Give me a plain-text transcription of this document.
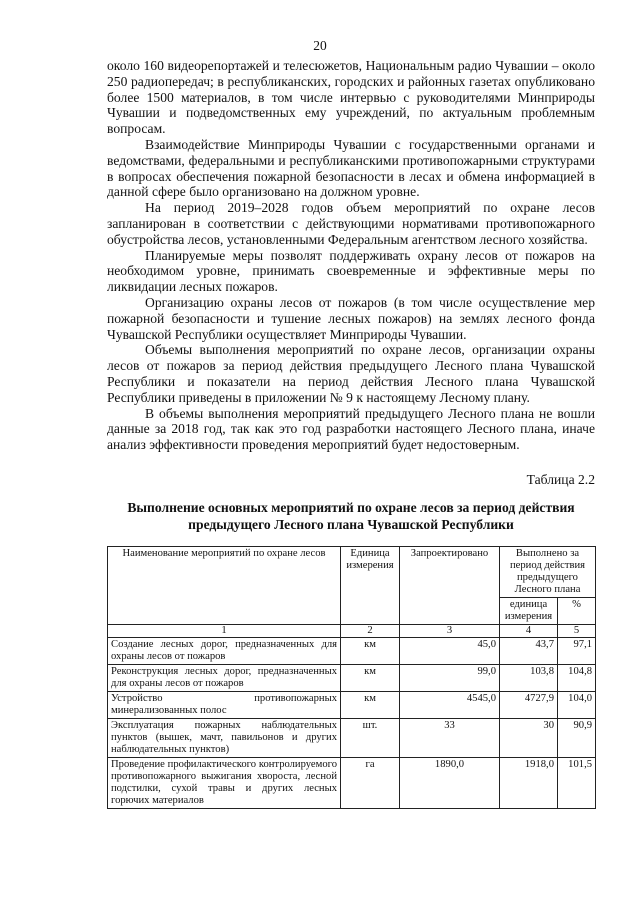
20

около 160 видеорепортажей и телесюжетов, Национальным радио Чувашии – около 250 радиопередач; в республиканских, городских и районных газетах опубликовано более 1500 материалов, в том числе интервью с руководителями Минприроды Чувашии и подведомственных ему учреждений, по актуальным проблемным вопросам.

Взаимодействие Минприроды Чувашии с государственными органами и ведомствами, федеральными и республиканскими противопожарными структурами в вопросах обеспечения пожарной безопасности в лесах и обмена информацией в данной сфере было организовано на должном уровне.

На период 2019–2028 годов объем мероприятий по охране лесов запланирован в соответствии с действующими нормативами противопожарного обустройства лесов, установленными Федеральным агентством лесного хозяйства.

Планируемые меры позволят поддерживать охрану лесов от пожаров на необходимом уровне, принимать своевременные и эффективные меры по ликвидации лесных пожаров.

Организацию охраны лесов от пожаров (в том числе осуществление мер пожарной безопасности и тушение лесных пожаров) на землях лесного фонда Чувашской Республики осуществляет Минприроды Чувашии.

Объемы выполнения мероприятий по охране лесов, организации охраны лесов от пожаров за период действия предыдущего Лесного плана Чувашской Республики и показатели на период действия Лесного плана Чувашской Республики приведены в приложении № 9 к настоящему Лесному плану.

В объемы выполнения мероприятий предыдущего Лесного плана не вошли данные за 2018 год, так как это год разработки настоящего Лесного плана, иначе анализ эффективности проведения мероприятий будет недостоверным.

Таблица 2.2
Выполнение основных мероприятий по охране лесов за период действия предыдущего Лесного плана Чувашской Республики
Наименование мероприятий по охране лесов	Единица измерения	Запроектировано	Выполнено за период действия предыдущего Лесного плана	
			единица измерения	%
1	2	3	4	5
Создание лесных дорог, предназначенных для охраны лесов от пожаров	км	45,0	43,7	97,1
Реконструкция лесных дорог, предназначенных для охраны лесов от пожаров	км	99,0	103,8	104,8
Устройство противопожарных минерализованных полос	км	4545,0	4727,9	104,0
Эксплуатация пожарных наблюдательных пунктов (вышек, мачт, павильонов и других наблюдательных пунктов)	шт.	33	30	90,9
Проведение профилактического контролируемого противопожарного выжигания хвороста, лесной подстилки, сухой травы и других лесных горючих материалов	га	1890,0	1918,0	101,5
